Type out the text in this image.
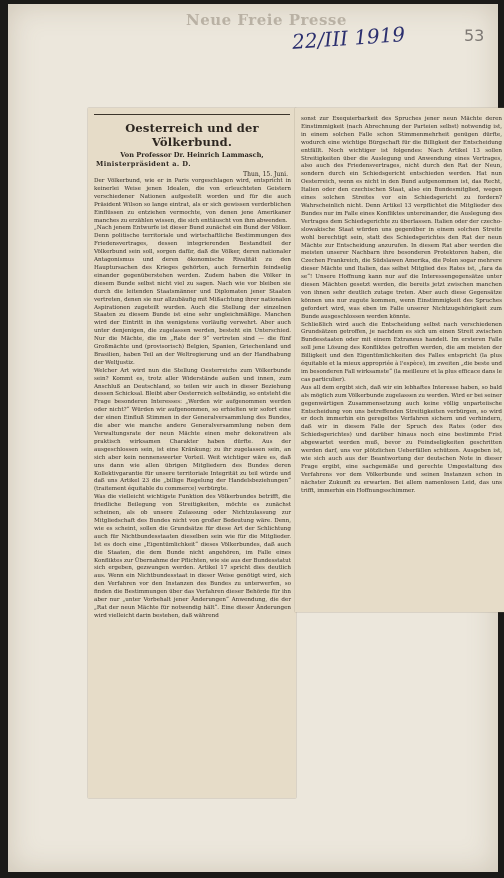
Neue Freie Presse
22/III 1919	53
Oesterreich und der Völkerbund.
Von Professor Dr. Heinrich Lammasch,
Ministerpräsident a. D.
Thun, 15. Juni.
Der Völkerbund, wie er in Paris vorgeschlagen wird, entspricht in keinerlei Weise jenen Idealen, die von erleuchteten Geistern verschiedener Nationen aufgestellt worden und für die auch Präsident Wilson so lange eintrat, als er sich gewissen verderblichen Einflüssen zu entziehen vermochte, von denen jene Amerikaner manches zu erzählen wissen, die sich enttäuscht von ihm abwenden.
„Nach jenem Entwurfe ist dieser Bund zunächst ein Bund der Völker. Denn politische territoriale und wirtschaftliche Bestimmungen des Friedensvertrages, dessen integrierenden Bestandteil der Völkerbund sein soll, sorgen dafür, daß die Völker, deren nationaler Antagonismus und deren ökonomische Rivalität zu den Hauptursachen des Krieges gehörten, auch fernerhin feindselig einander gegenüberstehen werden. Zudem haben die Völker in diesem Bunde selbst nicht viel zu sagen. Nach wie vor bleiben sie durch die leitenden Staatsmänner und Diplomaten jener Staaten vertreten, denen sie nur allzubäufig mit Mißachtung ihrer nationalen Aspirationen zugeteilt wurden. Auch die Stellung der einzelnen Staaten zu diesem Bunde ist eine sehr ungleichmäßige. Manchen wird der Eintritt in ihn wenigstens vorläufig verwehrt. Aber auch unter denjenigen, die zugelassen werden, besteht ein Unterschied. Nur die Mächte, die im „Rate der 9“ vertreten sind — die fünf Großmächte und (provisorisch) Belgien, Spanien, Griechenland und Brasilien, haben Teil an der Weltregierung und an der Handhabung der Weltjustiz.
Welcher Art wird nun die Stellung Oesterreichs zum Völkerbunde sein? Kommt es, trotz aller Widerstände außen und innen, zum Anschluß an Deutschland, so teilen wir auch in dieser Beziehung dessen Schicksal. Bleibt aber Oesterreich selbständig, so entsteht die Frage besonderen Interesses: „Werden wir aufgenommen werden oder nicht?“ Würden wir aufgenommen, so erhielten wir sofort eine der einen Einfluß Stimmen in der Generalversammlung des Bundes, die aber wie manche andere Generalversammlung neben dem Verwaltungsrate der neun Mächte einen mehr dekorativen als praktisch wirksamen Charakter haben dürfte. Aus der ausgeschlossen sein, ist eine Kränkung; zu ihr zugelassen sein, an sich aber kein nennenswerter Vorteil. Weit wichtiger wäre es, daß uns dann wie allen übrigen Mitgliedern des Bundes deren Kollektivgarantie für unsere territoriale Integrität zu teil würde und daß uns Artikel 23 die „billige Regelung der Handelsbeziehungen“ (traitement équitable du commerce) verbürgte.
Was die vielleicht wichtigste Funktion des Völkerbundes betrifft, die friedliche Beilegung von Streitigkeiten, möchte es zunächst scheinen, als ob unsere Zulassung oder Nichtzulassung zur Mitgliedschaft des Bundes nicht von großer Bedeutung wäre. Denn, wie es scheint, sollen die Grundsätze für diese Art der Schlichtung auch für Nichtbundesstaaten dieselben sein wie für die Mitglieder. Ist es doch eine „Eigentümlichkeit“ dieses Völkerbundes, daß auch die Staaten, die dem Bunde nicht angehören, im Falle eines Konfliktes zur Übernahme der Pflichten, wie sie aus der Bundesstatut sich ergeben, gezwungen werden. Artikel 17 spricht dies deutlich aus. Wenn ein Nichtbundesstaat in dieser Weise genötigt wird, sich den Verfahren vor den Instanzen des Bundes zu unterwerfen, so finden die Bestimmungen über das Verfahren dieser Behörde für ihn aber nur „unter Vorbehalt jener Änderungen“ Anwendung, die der „Rat der neun Mächte für notwendig hält“. Eine dieser Änderungen wird vielleicht darin bestehen, daß während
sonst zur Exequierbarkeit des Spruches jener neun Mächte deren Einstimmigkeit (nach Abrechnung der Parteien selbst) notwendig ist, in einem solchen Falle schon Stimmenmehrheit genügen dürfte, wodurch eine wichtige Bürgschaft für die Billigkeit der Entscheidung entfällt. Noch wichtiger ist folgendes: Nach Artikel 13 sollen Streitigkeiten über die Auslegung und Anwendung eines Vertrages, also auch des Friedensvertrages, nicht durch den Rat der Neun, sondern durch ein Schiedsgericht entschieden werden. Hat nun Oesterreich, wenn es nicht in den Bund aufgenommen ist, das Recht, Italien oder den czechischen Staat, also ein Bundesmitglied, wegen eines solchen Streites vor ein Schiedsgericht zu fordern? Wahrscheinlich nicht. Denn Artikel 13 verpflichtet die Mitglieder des Bundes nur im Falle eines Konfliktes untereinander, die Auslegung des Vertrages dem Schiedsgerichte zu überlassen. Italien oder der czecho-slowakische Staat würden uns gegenüber in einem solchen Streite wohl berechtigt sein, statt des Schiedsgerichtes den Rat der neun Mächte zur Entscheidung anzurufen. In diesem Rat aber werden die meisten unserer Nachbarn ihre besonderen Protektoren haben, die Czechen Frankreich, die Südslawen Amerika, die Polen sogar mehrere dieser Mächte und Italien, das selbst Mitglied des Rates ist, „fara da se“! Unsere Hoffnung kann nur auf die Interessengegensätze unter diesen Mächten gesetzt werden, die bereits jetzt zwischen manchen von ihnen sehr deutlich zutage treten. Aber auch diese Gegensätze können uns nur zugute kommen, wenn Einstimmigkeit des Spruches gefordert wird, was eben im Falle unserer Nichtzugehörigkeit zum Bunde ausgeschlossen werden könnte.
Schließlich wird auch die Entscheidung selbst nach verschiedenen Grundsätzen getroffen, je nachdem es sich um einen Streit zwischen Bundesstaaten oder mit einem Extraneus handelt. Im ersteren Falle soll jene Lösung des Konfliktes getroffen werden, die am meisten der Billigkeit und den Eigentümlichkeiten des Falles entspricht (la plus équitable et la mieux appropriée à l'espèce), im zweiten „die beste und im besonderen Fall wirksamste“ (la meilleure et la plus efficace dans le cas particulier).
Aus all dem ergibt sich, daß wir ein lebhaftes Interesse haben, so bald als möglich zum Völkerbunde zugelassen zu werden. Wird er bei seiner gegenwärtigen Zusammensetzung auch keine völlig unparteiische Entscheidung von uns betreffenden Streitigkeiten verbürgen, so wird er doch immerhin ein geregeltes Verfahren sichern und verhindern, daß wir in diesem Falle der Spruch des Rates (oder des Schiedsgerichtes) und darüber hinaus noch eine bestimmte Frist abgewartet werden muß, bevor zu Feindseligkeiten geschritten werden darf, uns vor plötzlichen Ueberfällen schützen. Ausgeben ist, wie sich auch aus der Beantwortung der deutschen Note in dieser Frage ergibt, eine sachgemäße und gerechte Umgestaltung des Verfahrens vor dem Völkerbunde und seinen Instanzen schon in nächster Zukunft zu erwarten. Bei allem namenlosen Leid, das uns trifft, immerhin ein Hoffnungsschimmer.
